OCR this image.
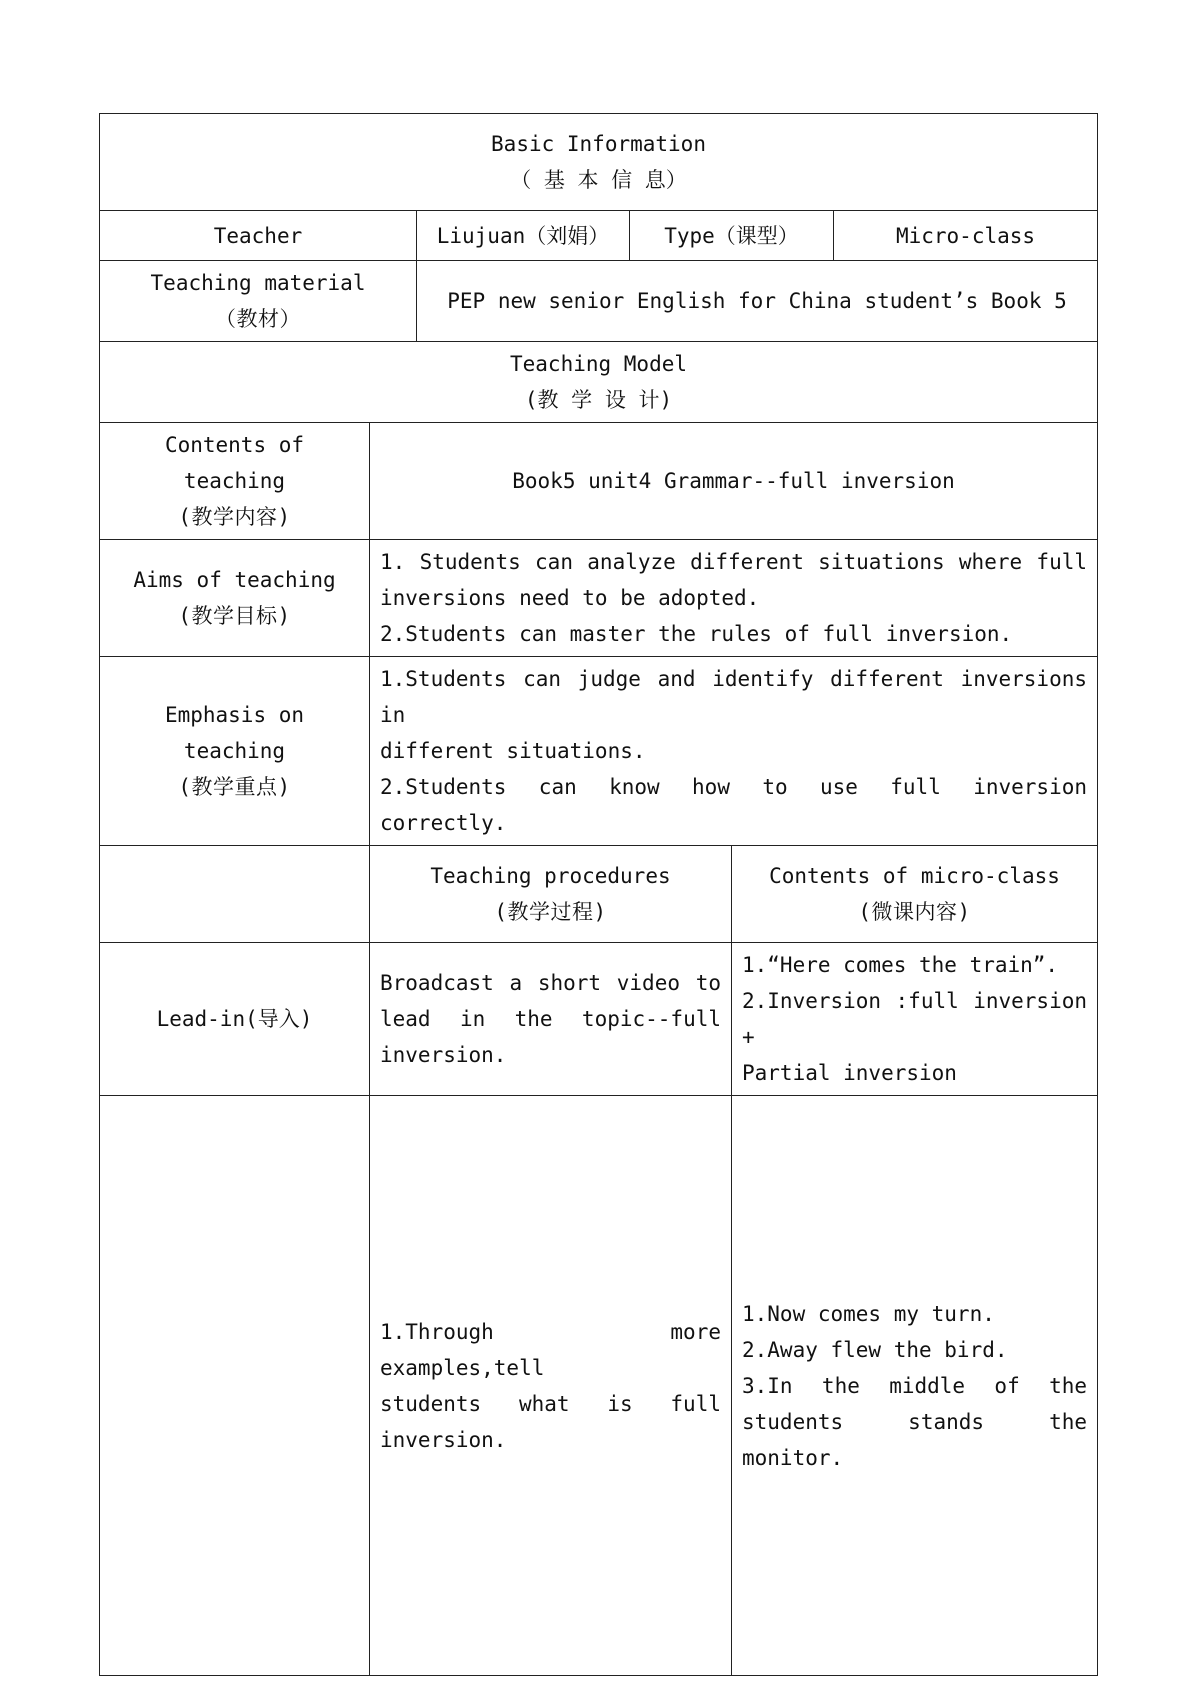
Basic Information
（ 基 本 信 息）					

Teacher		Liujuan（刘娟）	Type（课型）		Micro-class

Teaching material
（教材）		PEP new senior English for China student’s Book 5			

Teaching Model
(教 学 设 计)					

Contents of teaching
(教学内容)	Book5 unit4 Grammar--full inversion				

Aims of teaching
(教学目标)	1. Students can analyze different situations where full
inversions need to be adopted.
2.Students can master the rules of full inversion.				

Emphasis on teaching
(教学重点)	1.Students can judge and identify different inversions in
different situations.
2.Students can know how to use full inversion correctly.				

	Teaching procedures
(教学过程)			Contents of micro-class
(微课内容)	

Lead-in(导入)	Broadcast a short video to
lead in the topic--full
inversion.			1.“Here comes the train”.
2.Inversion :full inversion
+
Partial inversion	

	1.Through more examples,tell
students what is full
inversion.			1.Now comes my turn.
2.Away flew the bird.
3.In the middle of the
students stands the monitor.	
